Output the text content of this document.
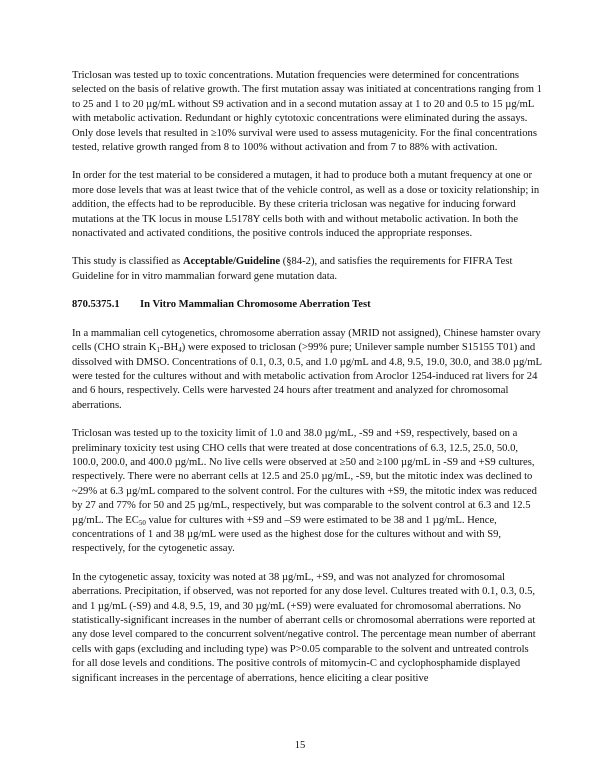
Triclosan was tested up to toxic concentrations. Mutation frequencies were determined for concentrations selected on the basis of relative growth. The first mutation assay was initiated at concentrations ranging from 1 to 25 and 1 to 20 µg/mL without S9 activation and in a second mutation assay at 1 to 20 and 0.5 to 15 µg/mL with metabolic activation. Redundant or highly cytotoxic concentrations were eliminated during the assays. Only dose levels that resulted in ≥10% survival were used to assess mutagenicity. For the final concentrations tested, relative growth ranged from 8 to 100% without activation and from 7 to 88% with activation.

In order for the test material to be considered a mutagen, it had to produce both a mutant frequency at one or more dose levels that was at least twice that of the vehicle control, as well as a dose or toxicity relationship; in addition, the effects had to be reproducible. By these criteria triclosan was negative for inducing forward mutations at the TK locus in mouse L5178Y cells both with and without metabolic activation. In both the nonactivated and activated conditions, the positive controls induced the appropriate responses.

This study is classified as Acceptable/Guideline (§84-2), and satisfies the requirements for FIFRA Test Guideline for in vitro mammalian forward gene mutation data.

870.5375.1 In Vitro Mammalian Chromosome Aberration Test

In a mammalian cell cytogenetics, chromosome aberration assay (MRID not assigned), Chinese hamster ovary cells (CHO strain $K_1-BH_4$) were exposed to triclosan (>99% pure; Unilever sample number S15155 T01) and dissolved with DMSO. Concentrations of 0.1, 0.3, 0.5, and 1.0 µg/mL and 4.8, 9.5, 19.0, 30.0, and 38.0 µg/mL were tested for the cultures without and with metabolic activation from Aroclor 1254-induced rat livers for 24 and 6 hours, respectively. Cells were harvested 24 hours after treatment and analyzed for chromosomal aberrations.

Triclosan was tested up to the toxicity limit of 1.0 and 38.0 µg/mL, -S9 and +S9, respectively, based on a preliminary toxicity test using CHO cells that were treated at dose concentrations of 6.3, 12.5, 25.0, 50.0, 100.0, 200.0, and 400.0 µg/mL. No live cells were observed at ≥50 and ≥100 µg/mL in -S9 and +S9 cultures, respectively. There were no aberrant cells at 12.5 and 25.0 µg/mL, -S9, but the mitotic index was declined to ~29% at 6.3 µg/mL compared to the solvent control. For the cultures with +S9, the mitotic index was reduced by 27 and 77% for 50 and 25 µg/mL, respectively, but was comparable to the solvent control at 6.3 and 12.5 µg/mL. The $EC_{50}$ value for cultures with +S9 and –S9 were estimated to be 38 and 1 µg/mL. Hence, concentrations of 1 and 38 µg/mL were used as the highest dose for the cultures without and with S9, respectively, for the cytogenetic assay.

In the cytogenetic assay, toxicity was noted at 38 µg/mL, +S9, and was not analyzed for chromosomal aberrations. Precipitation, if observed, was not reported for any dose level. Cultures treated with 0.1, 0.3, 0.5, and 1 µg/mL (-S9) and 4.8, 9.5, 19, and 30 µg/mL (+S9) were evaluated for chromosomal aberrations. No statistically-significant increases in the number of aberrant cells or chromosomal aberrations were reported at any dose level compared to the concurrent solvent/negative control. The percentage mean number of aberrant cells with gaps (excluding and including type) was P>0.05 comparable to the solvent and untreated controls for all dose levels and conditions. The positive controls of mitomycin-C and cyclophosphamide displayed significant increases in the percentage of aberrations, hence eliciting a clear positive

15
